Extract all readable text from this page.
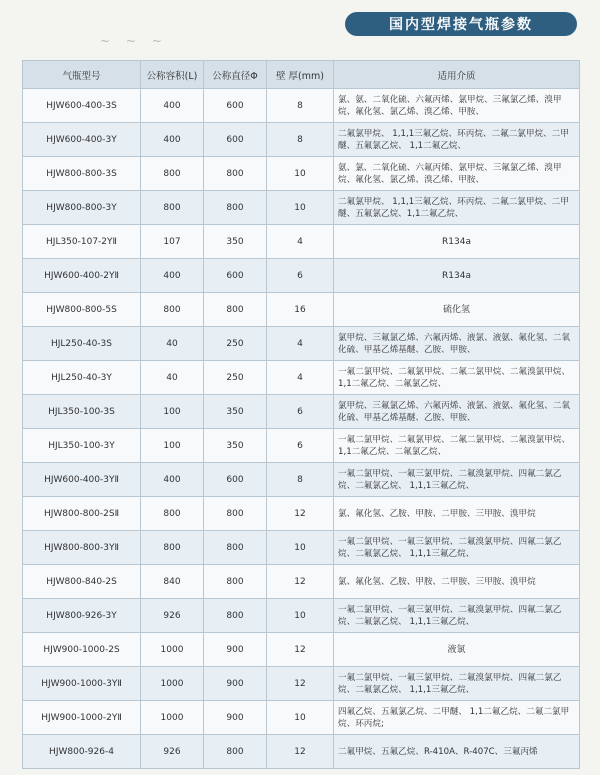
国内型焊接气瓶参数
~ ~ ~
气瓶型号	公称容积(L)	公称直径Φ	壁 厚(mm)	适用介质
HJW600-400-3S	400	600	8	氯、氨、二氧化硫、六氟丙烯、氯甲烷、三氟氯乙烯、溴甲烷、氟化氢、氯乙烯、溴乙烯、甲胺、
HJW600-400-3Y	400	600	8	二氟氯甲烷、 1,1,1三氟乙烷、环丙烷、二氟二氯甲烷、二甲醚、五氟氯乙烷、 1,1二氟乙烷、
HJW800-800-3S	800	800	10	氨、氯、二氧化硫、六氟丙烯、氯甲烷、三氟氯乙烯、溴甲烷、氟化氢、氯乙烯、溴乙烯、甲胺、
HJW800-800-3Y	800	800	10	二氟氯甲烷、 1,1,1三氟乙烷、环丙烷、二氟二氯甲烷、二甲醚、五氟氯乙烷、1,1二氟乙烷、
HJL350-107-2YⅡ	107	350	4	R134a
HJW600-400-2YⅡ	400	600	6	R134a
HJW800-800-5S	800	800	16	硫化氢
HJL250-40-3S	40	250	4	氯甲烷、三氟氯乙烯、六氟丙烯、液氯、液氨、氟化氢、二氧化硫、甲基乙烯基醚、乙胺、甲胺、
HJL250-40-3Y	40	250	4	一氟二氯甲烷、二氟氯甲烷、二氟二氯甲烷、二氟溴氯甲烷、 1,1二氟乙烷、二氟氯乙烷、
HJL350-100-3S	100	350	6	氯甲烷、三氟氯乙烯、六氟丙烯、液氯、液氨、氟化氢、二氧化硫、甲基乙烯基醚、乙胺、甲胺、
HJL350-100-3Y	100	350	6	一氟二氯甲烷、二氟氯甲烷、二氟二氯甲烷、二氟溴氯甲烷、 1,1二氟乙烷、二氟氯乙烷、
HJW600-400-3YⅡ	400	600	8	一氟二氯甲烷、一氟三氯甲烷、二氟溴氯甲烷、四氟二氯乙烷、二氟氯乙烷、 1,1,1三氟乙烷、
HJW800-800-2SⅡ	800	800	12	氯、氟化氢、乙胺、甲胺、二甲胺、三甲胺、溴甲烷
HJW800-800-3YⅡ	800	800	10	一氟二氯甲烷、一氟三氯甲烷、二氟溴氯甲烷、四氟二氯乙烷、二氟氯乙烷、 1,1,1三氟乙烷、
HJW800-840-2S	840	800	12	氯、氟化氢、乙胺、甲胺、二甲胺、三甲胺、溴甲烷
HJW800-926-3Y	926	800	10	一氟二氯甲烷、一氟三氯甲烷、二氟溴氯甲烷、四氟二氯乙烷、二氟氯乙烷、 1,1,1三氟乙烷、
HJW900-1000-2S	1000	900	12	液氯
HJW900-1000-3YⅡ	1000	900	12	一氟二氯甲烷、一氟三氯甲烷、二氟溴氯甲烷、四氟二氯乙烷、二氟氯乙烷、 1,1,1三氟乙烷、
HJW900-1000-2YⅡ	1000	900	10	四氟乙烷、五氟氯乙烷、二甲醚、 1,1二氟乙烷、二氟二氯甲烷、环丙烷;
HJW800-926-4	926	800	12	二氟甲烷、五氟乙烷、R-410A、R-407C、三氟丙烯
